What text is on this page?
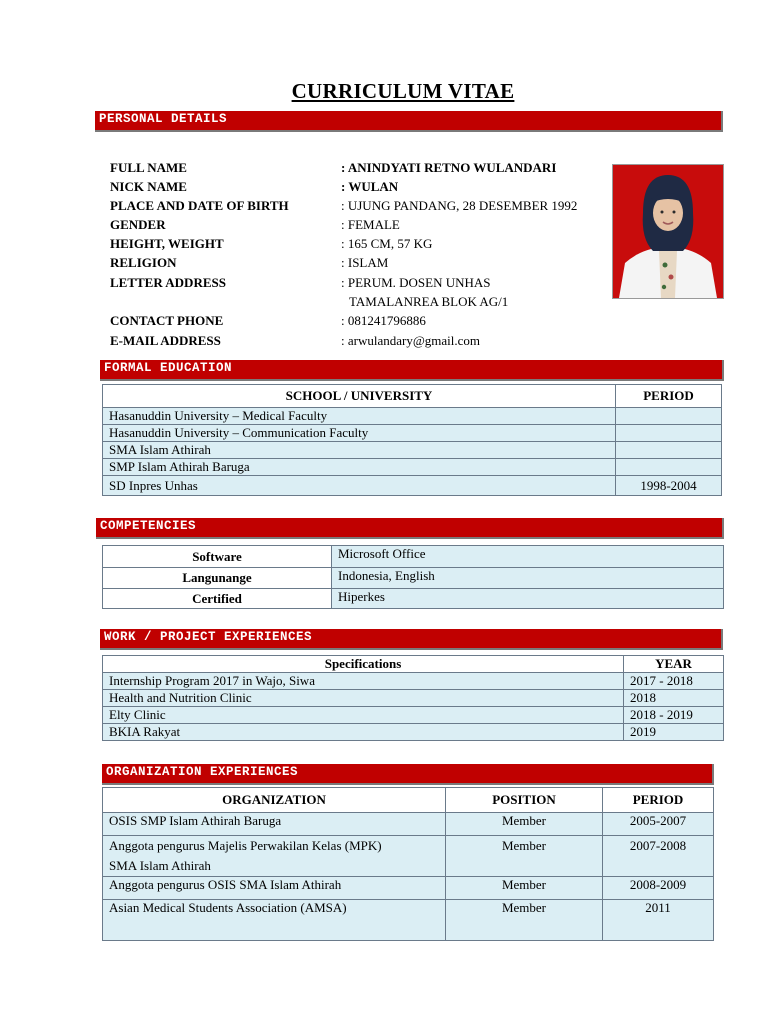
CURRICULUM VITAE
PERSONAL DETAILS
FULL NAME	: ANINDYATI RETNO WULANDARI
NICK NAME	: WULAN
PLACE AND DATE OF BIRTH	: UJUNG PANDANG, 28 DESEMBER 1992
GENDER	: FEMALE
HEIGHT, WEIGHT	: 165 CM, 57 KG
RELIGION	: ISLAM
LETTER ADDRESS	: PERUM. DOSEN UNHAS
TAMALANREA BLOK AG/1
CONTACT PHONE	: 081241796886
E-MAIL ADDRESS	: arwulandary@gmail.com
FORMAL EDUCATION
SCHOOL / UNIVERSITY	PERIOD
Hasanuddin University – Medical Faculty	
Hasanuddin University – Communication Faculty	
SMA Islam Athirah	
SMP Islam Athirah Baruga	
SD Inpres Unhas	1998-2004
COMPETENCIES
Software	Microsoft Office
Langunange	Indonesia, English
Certified	Hiperkes
WORK / PROJECT EXPERIENCES
Specifications	YEAR
Internship Program 2017 in Wajo, Siwa	2017 - 2018
Health and Nutrition Clinic	2018
Elty Clinic	2018 - 2019
BKIA Rakyat	2019
ORGANIZATION EXPERIENCES
ORGANIZATION	POSITION	PERIOD
OSIS SMP Islam Athirah Baruga	Member	2005-2007

Anggota pengurus Majelis Perwakilan Kelas (MPK)
SMA Islam Athirah	Member	2007-2008
Anggota pengurus OSIS SMA Islam Athirah	Member	2008-2009
Asian Medical Students Association (AMSA)	Member	2011
